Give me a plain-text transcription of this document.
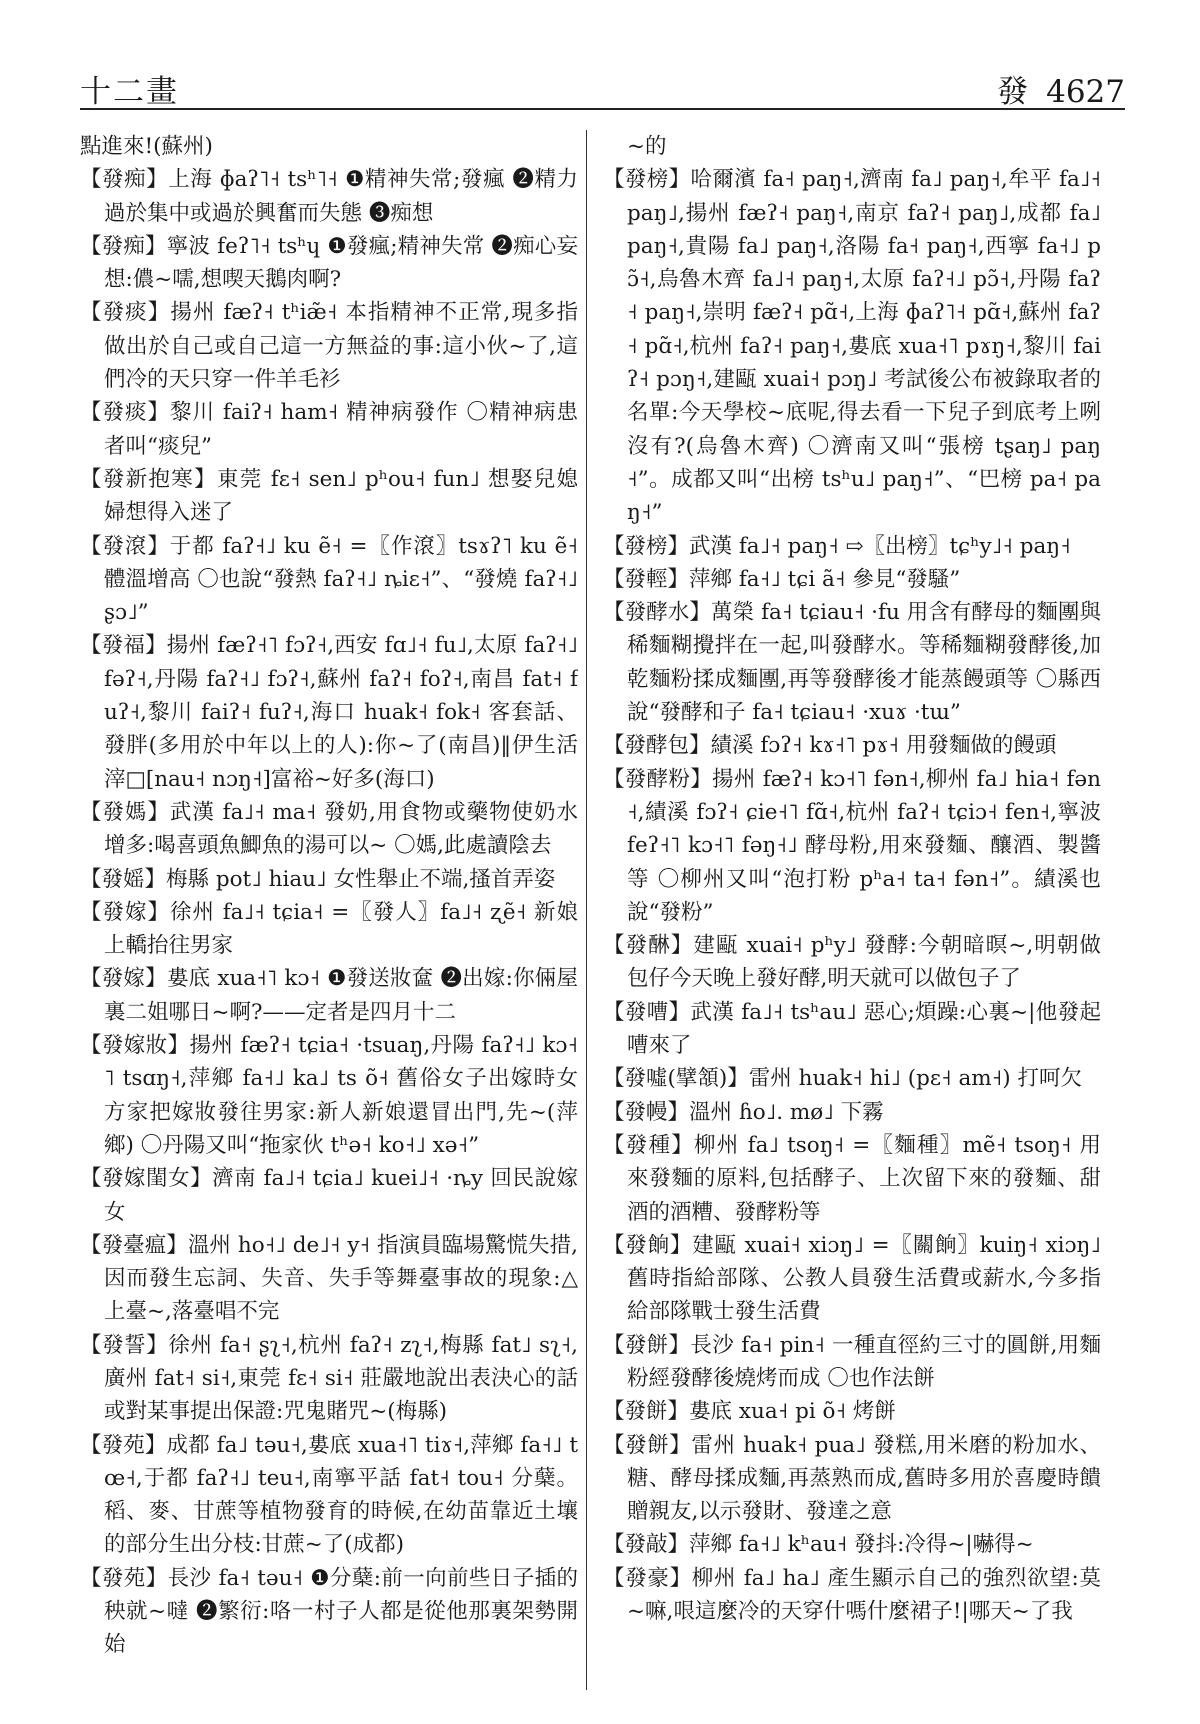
十二畫	發 4627
點進來!(蘇州)
【發痴】上海 ɸaʔ˥˧ tsʰ˥˧ ❶精神失常;發瘋 ❷精力過於集中或過於興奮而失態 ❸痴想
【發痴】寧波 feʔ˥˧ tsʰɥ ❶發瘋;精神失常 ❷痴心妄想:儂~嚅,想喫天鵝肉啊?
【發痰】揚州 fæʔ˧ tʰiæ̃˧ 本指精神不正常,現多指做出於自己或自己這一方無益的事:這小伙~了,這們冷的天只穿一件羊毛衫
【發痰】黎川 faiʔ˧ ham˧ 精神病發作 〇精神病患者叫“痰兒”
【發新抱寒】東莞 fɛ˧ sen˩ pʰou˧ fun˩ 想娶兒媳婦想得入迷了
【發滾】于都 faʔ˧˩ ku ẽ˧ =〖作滾〗tsɤʔ˥ ku ẽ˧ 體溫增高 〇也說“發熱 faʔ˧˩ ȵiɛ˧”、“發燒 faʔ˧˩ ʂɔ˩”
【發福】揚州 fæʔ˧˥ fɔʔ˧,西安 fɑ˩˧ fu˩,太原 faʔ˧˩ fəʔ˧,丹陽 faʔ˧˩ fɔʔ˧,蘇州 faʔ˧ foʔ˧,南昌 fat˧ fuʔ˧,黎川 faiʔ˧ fuʔ˧,海口 huak˧ fok˧ 客套話、發胖(多用於中年以上的人):你~了(南昌)‖伊生活滓□[nau˧ nɔŋ˧]富裕~好多(海口)
【發媽】武漢 fa˩˧ ma˧ 發奶,用食物或藥物使奶水增多:喝喜頭魚鯽魚的湯可以~ 〇媽,此處讀陰去
【發媱】梅縣 pot˩ hiau˩ 女性舉止不端,搔首弄姿
【發嫁】徐州 fa˩˧ tɕia˧ =〖發人〗fa˩˧ ʐẽ˧ 新娘上轎抬往男家
【發嫁】婁底 xua˧˥ kɔ˧ ❶發送妝奩 ❷出嫁:你倆屋裏二姐哪日~啊?——定者是四月十二
【發嫁妝】揚州 fæʔ˧ tɕia˧ ·tsuaŋ,丹陽 faʔ˧˩ kɔ˧˥ tsɑŋ˧,萍鄉 fa˧˩ ka˩ ts õ˧ 舊俗女子出嫁時女方家把嫁妝發往男家:新人新娘還冒出門,先~(萍鄉) 〇丹陽又叫“拖家伙 tʰə˧ ko˧˩ xə˧”
【發嫁閨女】濟南 fa˩˧ tɕia˩ kuei˩˧ ·ȵy 回民說嫁女
【發臺瘟】溫州 ho˧˩ de˩˧ y˧ 指演員臨場驚慌失措,因而發生忘詞、失音、失手等舞臺事故的現象:△上臺~,落臺唱不完
【發誓】徐州 fa˧ ʂʅ˧,杭州 faʔ˧ zʅ˧,梅縣 fat˩ sʅ˧,廣州 fat˧ si˧,東莞 fɛ˧ si˧ 莊嚴地說出表決心的話或對某事提出保證:咒鬼賭咒~(梅縣)
【發苑】成都 fa˩ təu˧,婁底 xua˧˥ tiɤ˧,萍鄉 fa˧˩ tœ˧,于都 faʔ˧˩ teu˧,南寧平話 fat˧ tou˧ 分蘖。稻、麥、甘蔗等植物發育的時候,在幼苗靠近土壤的部分生出分枝:甘蔗~了(成都)
【發苑】長沙 fa˧ təu˧ ❶分蘖:前一向前些日子插的秧就~噠 ❷繁衍:咯一村子人都是從他那裏架勢開始
~的
【發榜】哈爾濱 fa˧ paŋ˧,濟南 fa˩ paŋ˧,牟平 fa˩˧ paŋ˩,揚州 fæʔ˧ paŋ˧,南京 faʔ˧ paŋ˩,成都 fa˩ paŋ˧,貴陽 fa˩ paŋ˧,洛陽 fa˧ paŋ˧,西寧 fa˧˩ pɔ̃˧,烏魯木齊 fa˩˧ paŋ˧,太原 faʔ˧˩ pɔ̃˧,丹陽 faʔ˧ paŋ˧,崇明 fæʔ˧ pɑ̃˧,上海 ɸaʔ˥˧ pɑ̃˧,蘇州 faʔ˧ pɑ̃˧,杭州 faʔ˧ paŋ˧,婁底 xua˧˥ pɤŋ˧,黎川 faiʔ˧ pɔŋ˧,建甌 xuai˧ pɔŋ˩ 考試後公布被錄取者的名單:今天學校~底呢,得去看一下兒子到底考上咧沒有?(烏魯木齊) 〇濟南又叫“張榜 tʂaŋ˩ paŋ˧”。成都又叫“出榜 tsʰu˩ paŋ˧”、“巴榜 pa˧ paŋ˧”
【發榜】武漢 fa˩˧ paŋ˧ ⇨〖出榜〗tɕʰy˩˧ paŋ˧
【發輕】萍鄉 fa˧˩ tɕi ã˧ 參見“發騷”
【發酵水】萬榮 fa˧ tɕiau˧ ·fu 用含有酵母的麵團與稀麵糊攪拌在一起,叫發酵水。等稀麵糊發酵後,加乾麵粉揉成麵團,再等發酵後才能蒸饅頭等 〇縣西說“發酵和子 fa˧ tɕiau˧ ·xuɤ ·tɯ”
【發酵包】績溪 fɔʔ˧ kɤ˧˥ pɤ˧ 用發麵做的饅頭
【發酵粉】揚州 fæʔ˧ kɔ˧˥ fən˧,柳州 fa˩ hia˧ fən˧,績溪 fɔʔ˧ ɕie˧˥ fɑ̃˧,杭州 faʔ˧ tɕiɔ˧ fen˧,寧波 feʔ˧˥ kɔ˧˥ fəŋ˧˩ 酵母粉,用來發麵、釀酒、製醬等 〇柳州又叫“泡打粉 pʰa˧ ta˧ fən˧”。績溪也說“發粉”
【發醂】建甌 xuai˧ pʰy˩ 發酵:今朝暗暝~,明朝做包仔今天晚上發好酵,明天就可以做包子了
【發嘈】武漢 fa˩˧ tsʰau˩ 惡心;煩躁:心裏~|他發起嘈來了
【發噓(擘頷)】雷州 huak˧ hi˩ (pɛ˧ am˧) 打呵欠
【發幔】溫州 ɦo˩. mø˩ 下霧
【發種】柳州 fa˩ tsoŋ˧ =〖麵種〗mẽ˧ tsoŋ˧ 用來發麵的原料,包括酵子、上次留下來的發麵、甜酒的酒糟、發酵粉等
【發餉】建甌 xuai˧ xiɔŋ˩ =〖關餉〗kuiŋ˧ xiɔŋ˩ 舊時指給部隊、公教人員發生活費或薪水,今多指給部隊戰士發生活費
【發餅】長沙 fa˧ pin˧ 一種直徑約三寸的圓餅,用麵粉經發酵後燒烤而成 〇也作法餅
【發餅】婁底 xua˧ pi õ˧ 烤餅
【發餅】雷州 huak˧ pua˩ 發糕,用米磨的粉加水、糖、酵母揉成麵,再蒸熟而成,舊時多用於喜慶時饋贈親友,以示發財、發達之意
【發敲】萍鄉 fa˧˩ kʰau˧ 發抖:冷得~|嚇得~
【發豪】柳州 fa˩ ha˩ 產生顯示自己的強烈欲望:莫~嘛,哏這麼冷的天穿什嗎什麼裙子!|哪天~了我
